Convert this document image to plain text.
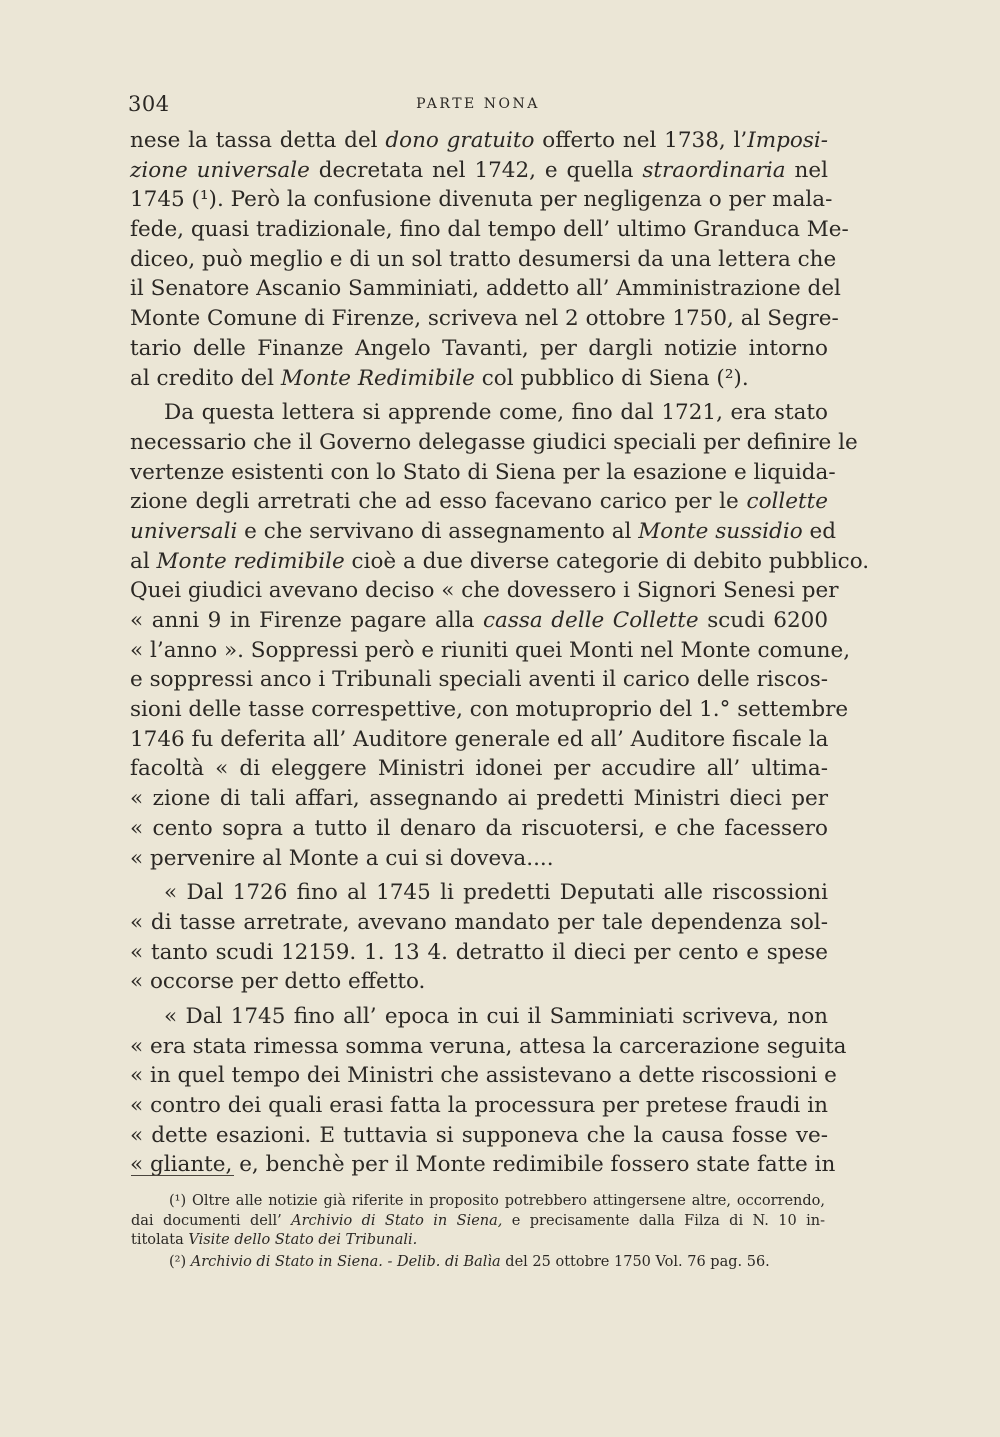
304	PARTE NONA
nese la tassa detta del dono gratuito offerto nel 1738, l’Imposi-
zione universale decretata nel 1742, e quella straordinaria nel
1745 (¹). Però la confusione divenuta per negligenza o per mala-
fede, quasi tradizionale, fino dal tempo dell’ ultimo Granduca Me-
diceo, può meglio e di un sol tratto desumersi da una lettera che
il Senatore Ascanio Samminiati, addetto all’ Amministrazione del
Monte Comune di Firenze, scriveva nel 2 ottobre 1750, al Segre-
tario delle Finanze Angelo Tavanti, per dargli notizie intorno
al credito del Monte Redimibile col pubblico di Siena (²).
Da questa lettera si apprende come, fino dal 1721, era stato
necessario che il Governo delegasse giudici speciali per definire le
vertenze esistenti con lo Stato di Siena per la esazione e liquida-
zione degli arretrati che ad esso facevano carico per le collette
universali e che servivano di assegnamento al Monte sussidio ed
al Monte redimibile cioè a due diverse categorie di debito pubblico.
Quei giudici avevano deciso « che dovessero i Signori Senesi per
« anni 9 in Firenze pagare alla cassa delle Collette scudi 6200
« l’anno ». Soppressi però e riuniti quei Monti nel Monte comune,
e soppressi anco i Tribunali speciali aventi il carico delle riscos-
sioni delle tasse correspettive, con motuproprio del 1.° settembre
1746 fu deferita all’ Auditore generale ed all’ Auditore fiscale la
facoltà « di eleggere Ministri idonei per accudire all’ ultima-
« zione di tali affari, assegnando ai predetti Ministri dieci per
« cento sopra a tutto il denaro da riscuotersi, e che facessero
« pervenire al Monte a cui si doveva....
« Dal 1726 fino al 1745 li predetti Deputati alle riscossioni
« di tasse arretrate, avevano mandato per tale dependenza sol-
« tanto scudi 12159. 1. 13 4. detratto il dieci per cento e spese
« occorse per detto effetto.
« Dal 1745 fino all’ epoca in cui il Samminiati scriveva, non
« era stata rimessa somma veruna, attesa la carcerazione seguita
« in quel tempo dei Ministri che assistevano a dette riscossioni e
« contro dei quali erasi fatta la processura per pretese fraudi in
« dette esazioni. E tuttavia si supponeva che la causa fosse ve-
« gliante, e, benchè per il Monte redimibile fossero state fatte in
(¹) Oltre alle notizie già riferite in proposito potrebbero attingersene altre, occorrendo,
dai documenti dell’ Archivio di Stato in Siena, e precisamente dalla Filza di N. 10 in-
titolata Visite dello Stato dei Tribunali.
(²) Archivio di Stato in Siena. - Delib. di Balìa del 25 ottobre 1750 Vol. 76 pag. 56.
